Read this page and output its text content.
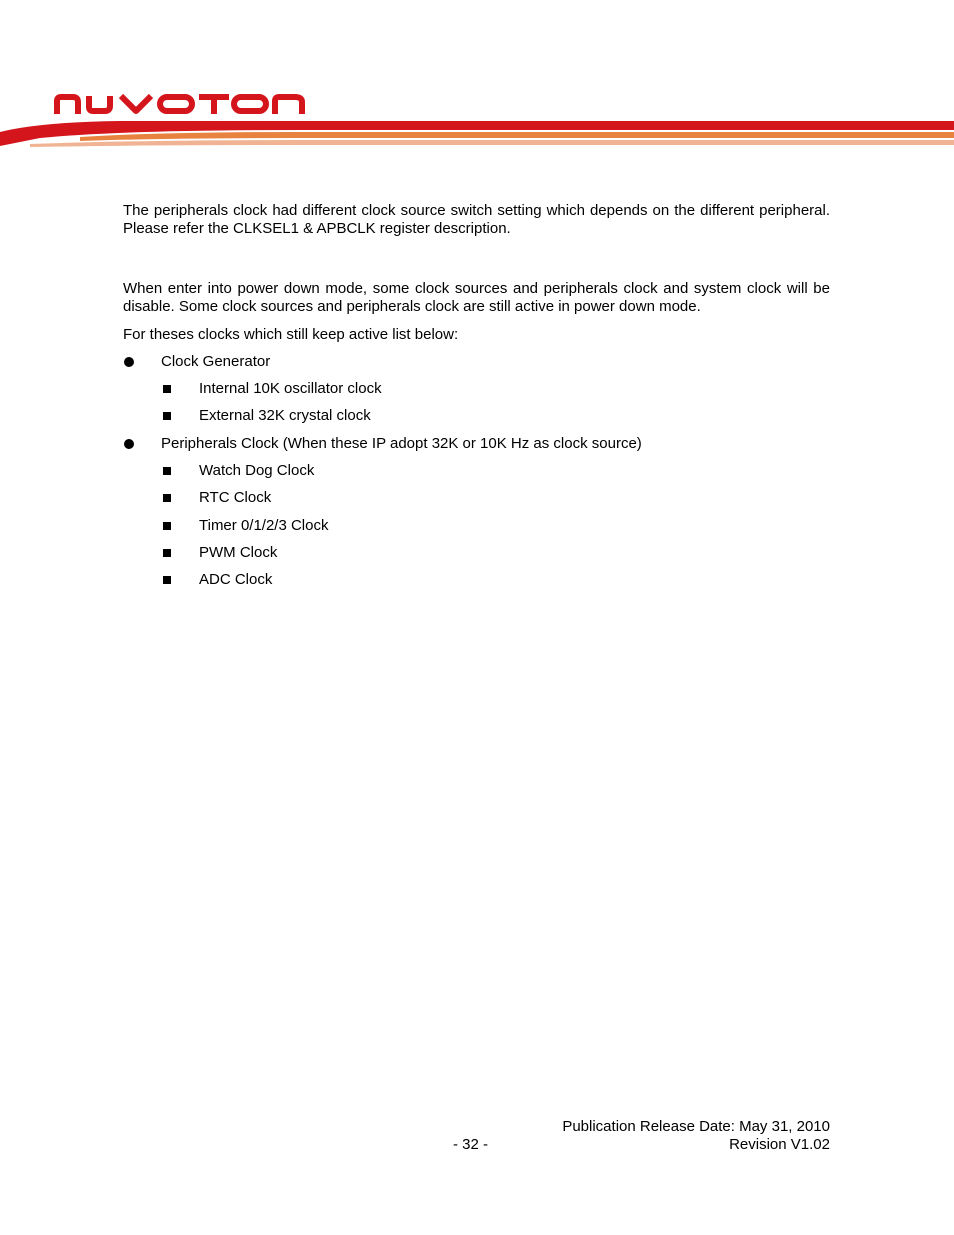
The peripherals clock had different clock source switch setting which depends on the different peripheral. Please refer the CLKSEL1 & APBCLK register description.
When enter into power down mode, some clock sources and peripherals clock and system clock will be disable. Some clock sources and peripherals clock are still active in power down mode.
For theses clocks which still keep active list below:
Clock Generator
Internal 10K oscillator clock
External 32K crystal clock
Peripherals Clock (When these IP adopt 32K or 10K Hz as clock source)
Watch Dog Clock
RTC Clock
Timer 0/1/2/3 Clock
PWM Clock
ADC Clock
Publication Release Date: May 31, 2010
- 32 -	Revision V1.02
